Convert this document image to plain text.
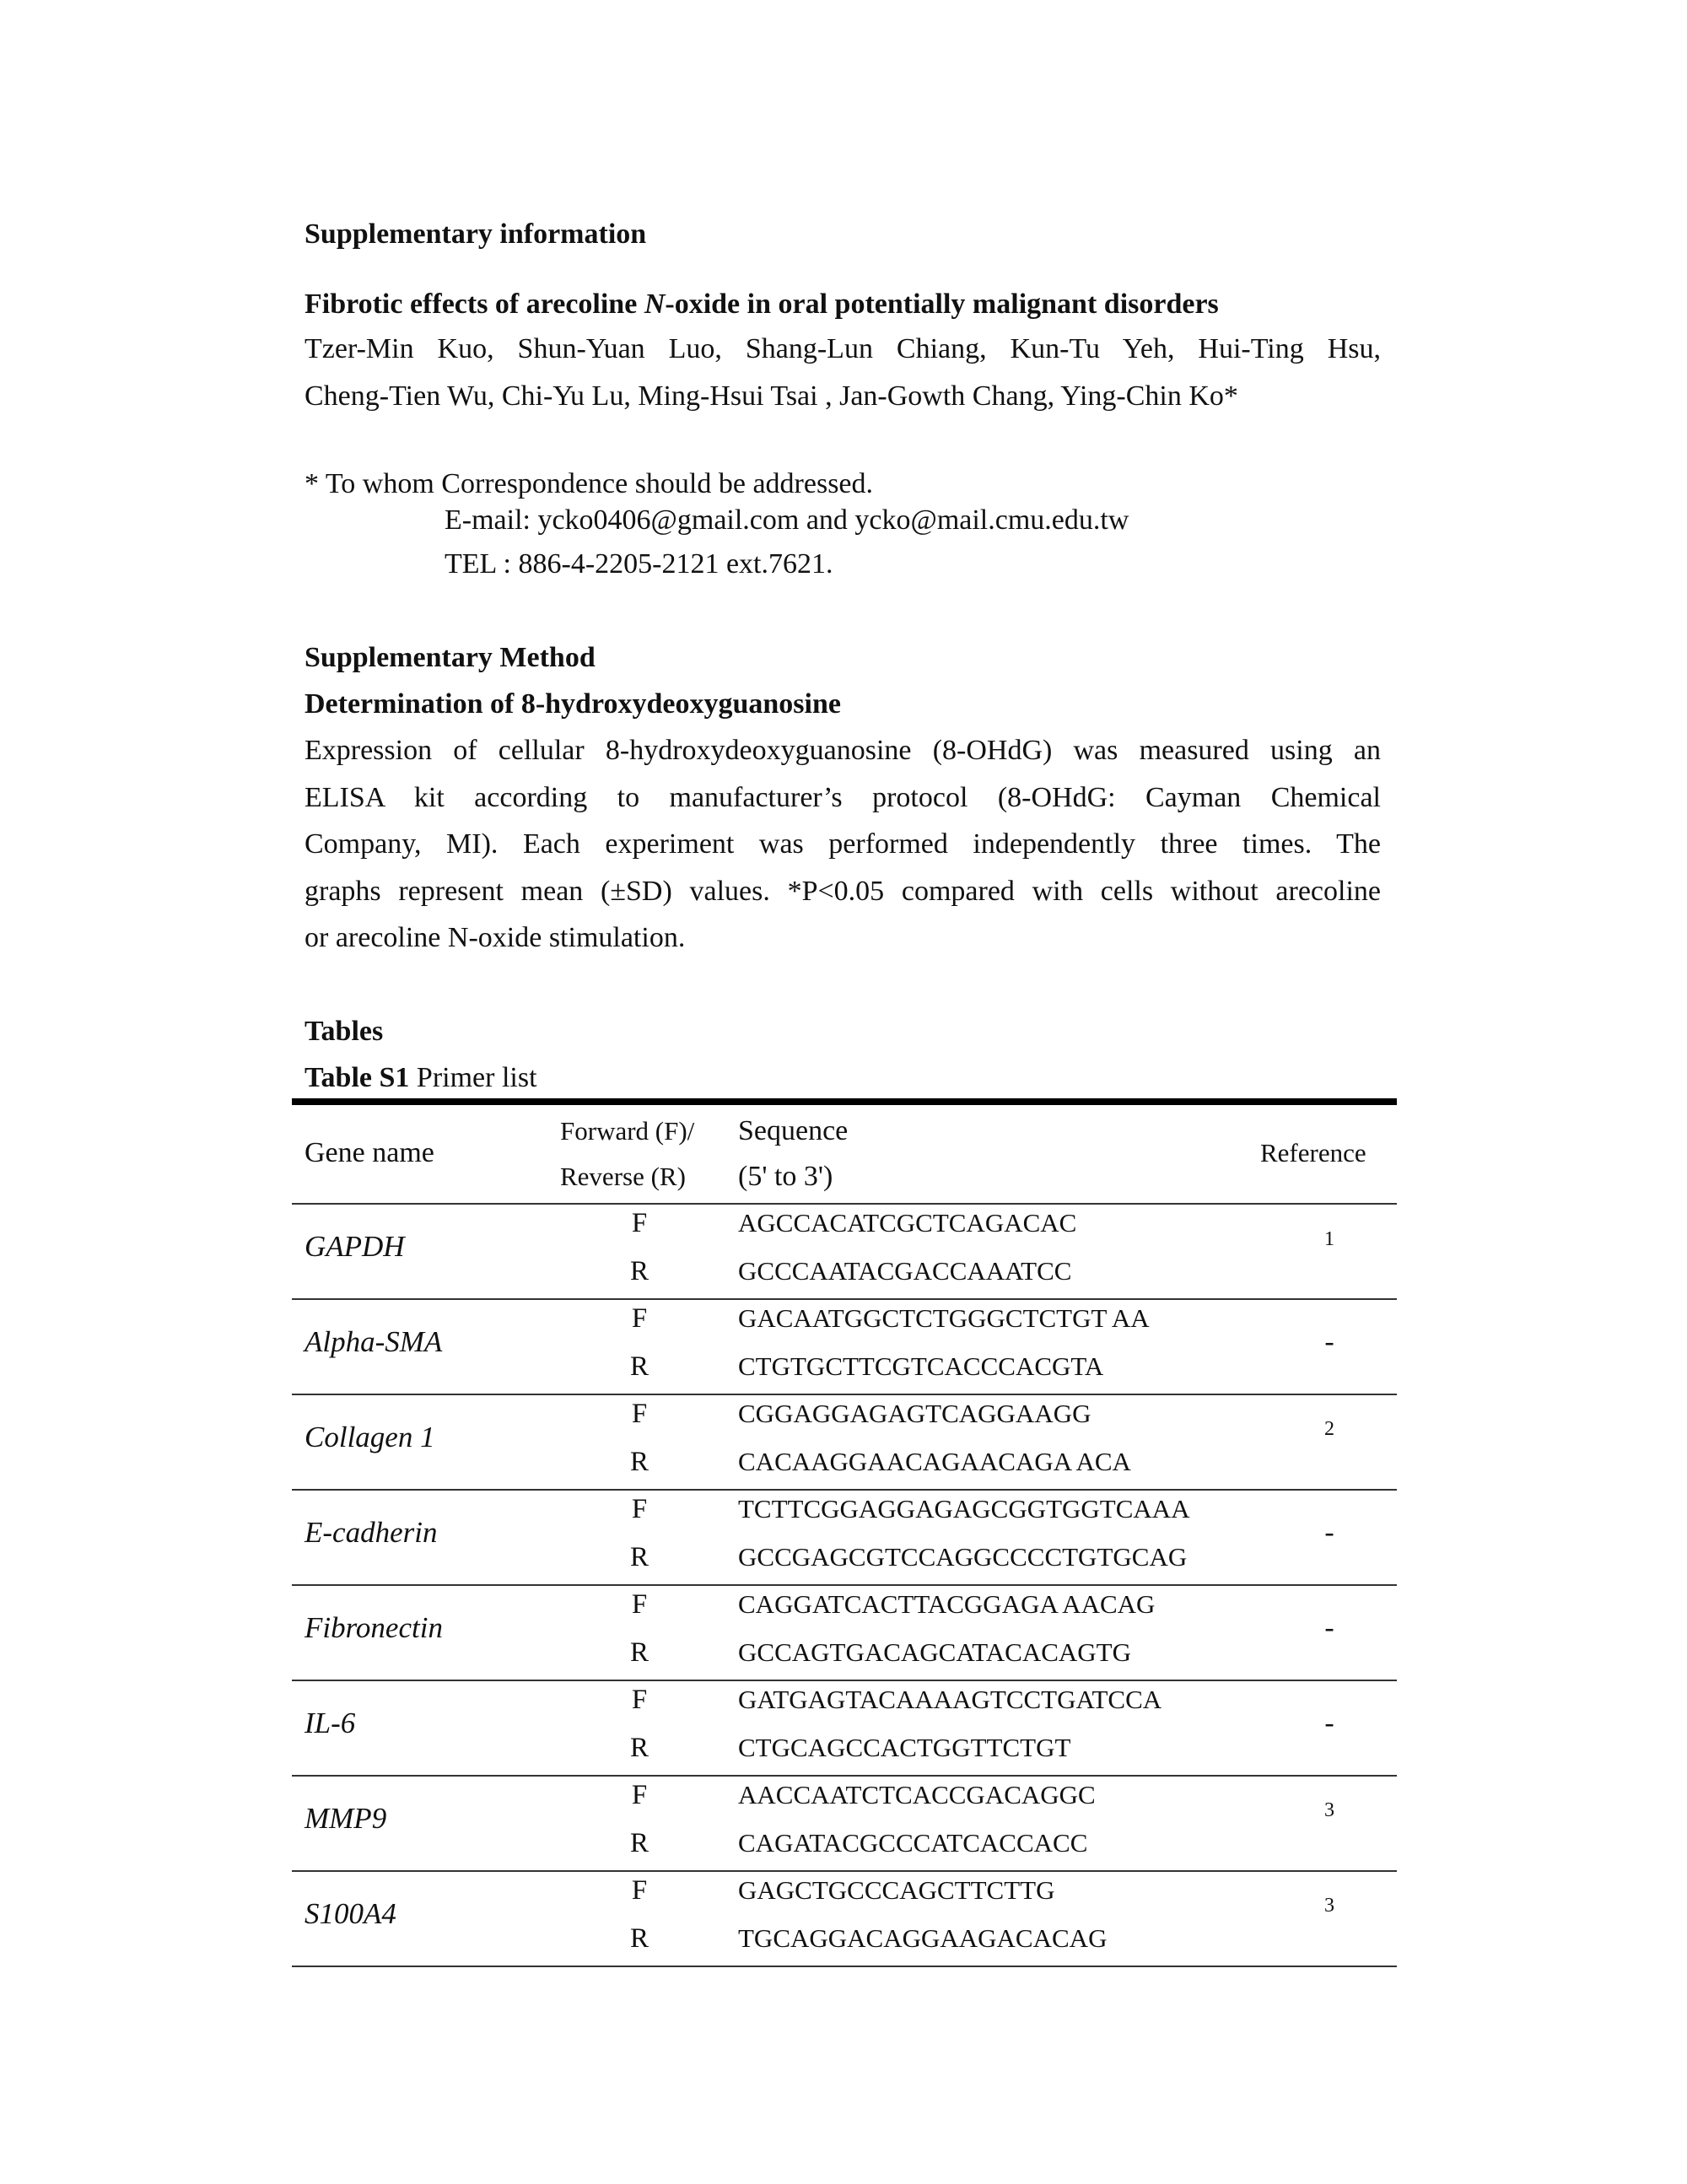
Supplementary information
Fibrotic effects of arecoline N-oxide in oral potentially malignant disorders
Tzer-Min Kuo, Shun-Yuan Luo, Shang-Lun Chiang, Kun-Tu Yeh, Hui-Ting Hsu,
Cheng-Tien Wu, Chi-Yu Lu, Ming-Hsui Tsai , Jan-Gowth Chang, Ying-Chin Ko*
* To whom Correspondence should be addressed.
E-mail: ycko0406@gmail.com and ycko@mail.cmu.edu.tw
TEL : 886-4-2205-2121 ext.7621.
Supplementary Method
Determination of 8-hydroxydeoxyguanosine
Expression of cellular 8-hydroxydeoxyguanosine (8-OHdG) was measured using an
ELISA kit according to manufacturer’s protocol (8-OHdG: Cayman Chemical
Company, MI). Each experiment was performed independently three times. The
graphs represent mean (±SD) values. *P<0.05 compared with cells without arecoline
or arecoline N-oxide stimulation.
Tables
Table S1 Primer list
Gene name
Forward (F)/
Reverse (R)
Sequence
(5' to 3')
Reference
GAPDH
F
R
AGCCACATCGCTCAGACAC
GCCCAATACGACCAAATCC
1
Alpha-SMA
F
R
GACAATGGCTCTGGGCTCTGT AA
CTGTGCTTCGTCACCCACGTA
-
Collagen 1
F
R
CGGAGGAGAGTCAGGAAGG
CACAAGGAACAGAACAGA ACA
2
E-cadherin
F
R
TCTTCGGAGGAGAGCGGTGGTCAAA
GCCGAGCGTCCAGGCCCCTGTGCAG
-
Fibronectin
F
R
CAGGATCACTTACGGAGA AACAG
GCCAGTGACAGCATACACAGTG
-
IL-6
F
R
GATGAGTACAAAAGTCCTGATCCA
CTGCAGCCACTGGTTCTGT
-
MMP9
F
R
AACCAATCTCACCGACAGGC
CAGATACGCCCATCACCACC
3
S100A4
F
R
GAGCTGCCCAGCTTCTTG
TGCAGGACAGGAAGACACAG
3
